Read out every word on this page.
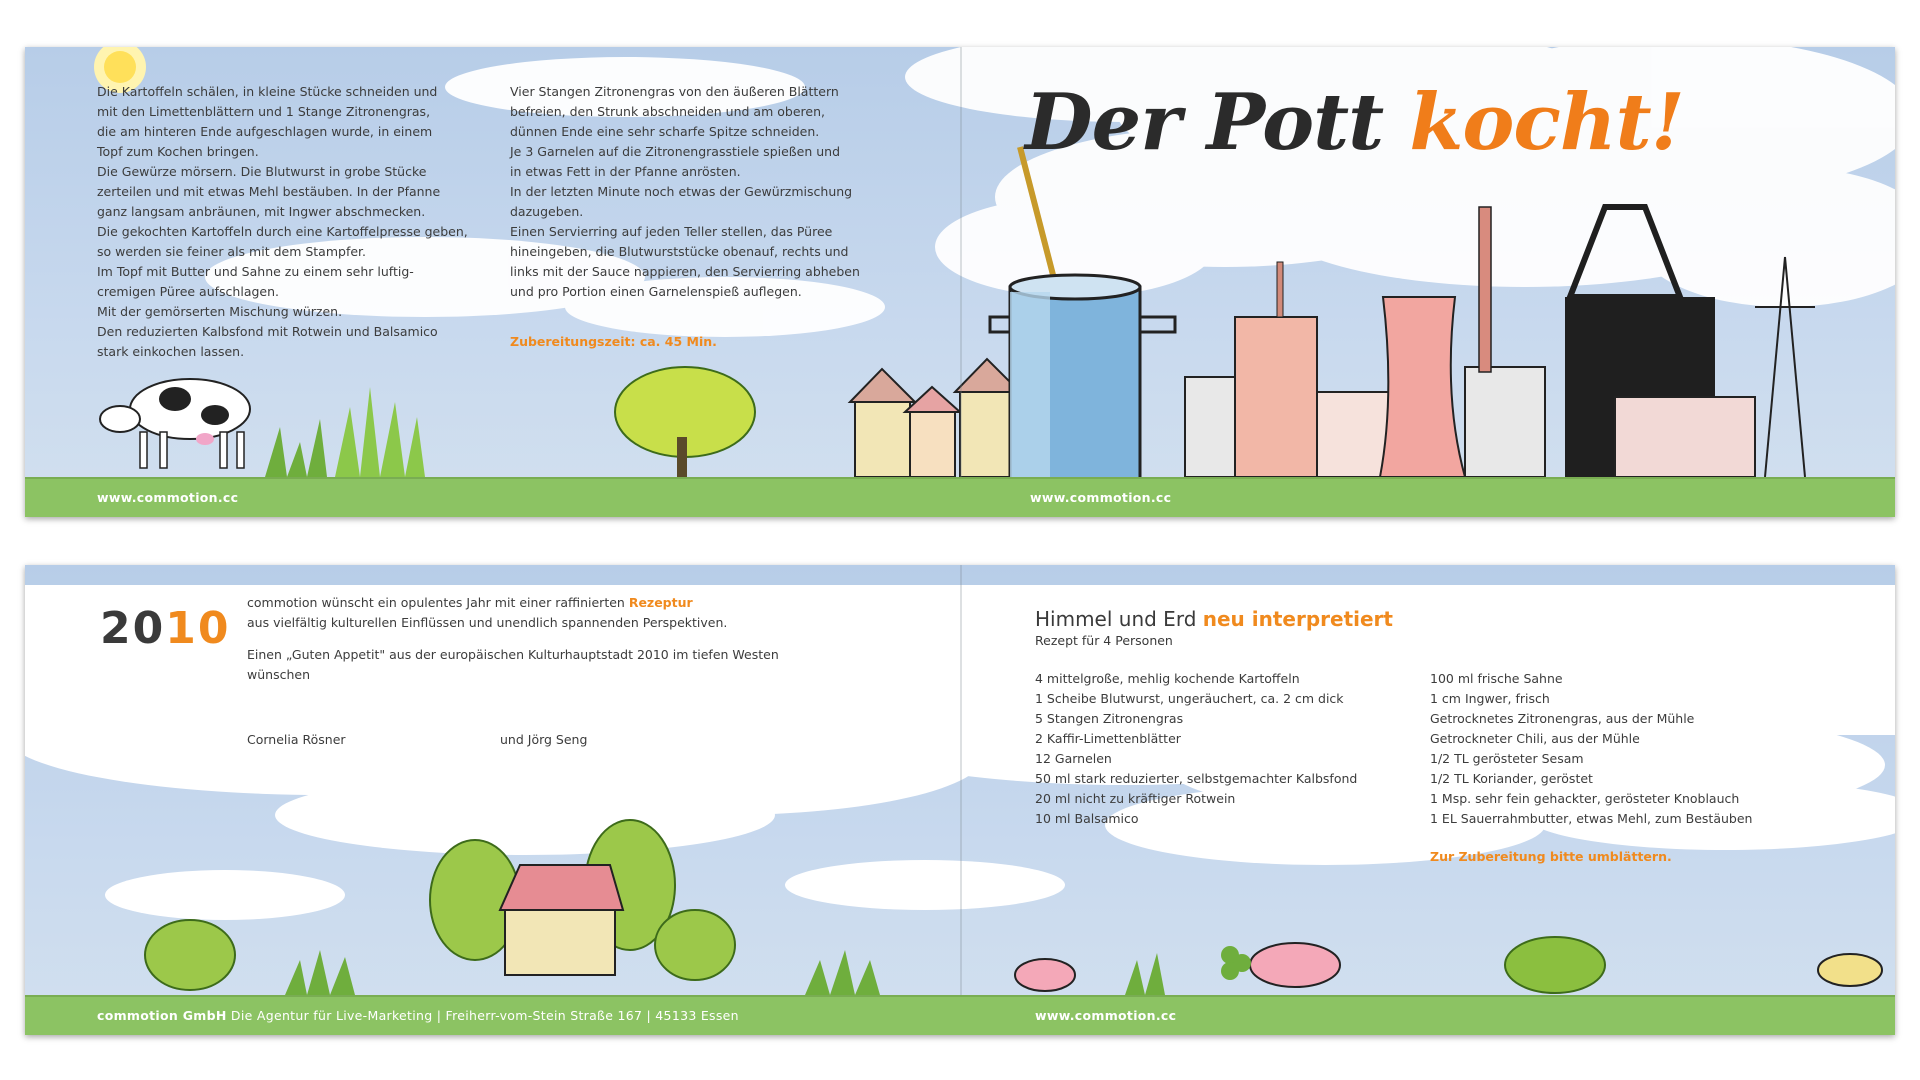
Die Kartoffeln schälen, in kleine Stücke schneiden und
mit den Limettenblättern und 1 Stange Zitronengras,
die am hinteren Ende aufgeschlagen wurde, in einem
Topf zum Kochen bringen.
Die Gewürze mörsern. Die Blutwurst in grobe Stücke
zerteilen und mit etwas Mehl bestäuben. In der Pfanne
ganz langsam anbräunen, mit Ingwer abschmecken.
Die gekochten Kartoffeln durch eine Kartoffelpresse geben,
so werden sie feiner als mit dem Stampfer.
Im Topf mit Butter und Sahne zu einem sehr luftig-
cremigen Püree aufschlagen.
Mit der gemörserten Mischung würzen.
Den reduzierten Kalbsfond mit Rotwein und Balsamico
stark einkochen lassen.
Vier Stangen Zitronengras von den äußeren Blättern
befreien, den Strunk abschneiden und am oberen,
dünnen Ende eine sehr scharfe Spitze schneiden.
Je 3 Garnelen auf die Zitronengrasstiele spießen und
in etwas Fett in der Pfanne anrösten.
In der letzten Minute noch etwas der Gewürzmischung
dazugeben.
Einen Servierring auf jeden Teller stellen, das Püree
hineingeben, die Blutwurststücke obenauf, rechts und
links mit der Sauce nappieren, den Servierring abheben
und pro Portion einen Garnelenspieß auflegen.
Zubereitungszeit: ca. 45 Min.
Der Pott kocht!
www.commotion.cc	www.commotion.cc
2010
commotion wünscht ein opulentes Jahr mit einer raffinierten Rezeptur
aus vielfältig kulturellen Einflüssen und unendlich spannenden Perspektiven.
Einen „Guten Appetit" aus der europäischen Kulturhauptstadt 2010 im tiefen Westen
wünschen
Cornelia Rösner	und Jörg Seng
Himmel und Erd neu interpretiert
Rezept für 4 Personen
4 mittelgroße, mehlig kochende Kartoffeln
1 Scheibe Blutwurst, ungeräuchert, ca. 2 cm dick
5 Stangen Zitronengras
2 Kaffir-Limettenblätter
12 Garnelen
50 ml stark reduzierter, selbstgemachter Kalbsfond
20 ml nicht zu kräftiger Rotwein
10 ml Balsamico
100 ml frische Sahne
1 cm Ingwer, frisch
Getrocknetes Zitronengras, aus der Mühle
Getrockneter Chili, aus der Mühle
1/2 TL gerösteter Sesam
1/2 TL Koriander, geröstet
1 Msp. sehr fein gehackter, gerösteter Knoblauch
1 EL Sauerrahmbutter, etwas Mehl, zum Bestäuben
Zur Zubereitung bitte umblättern.
commotion GmbH Die Agentur für Live-Marketing | Freiherr-vom-Stein Straße 167 | 45133 Essen	www.commotion.cc
